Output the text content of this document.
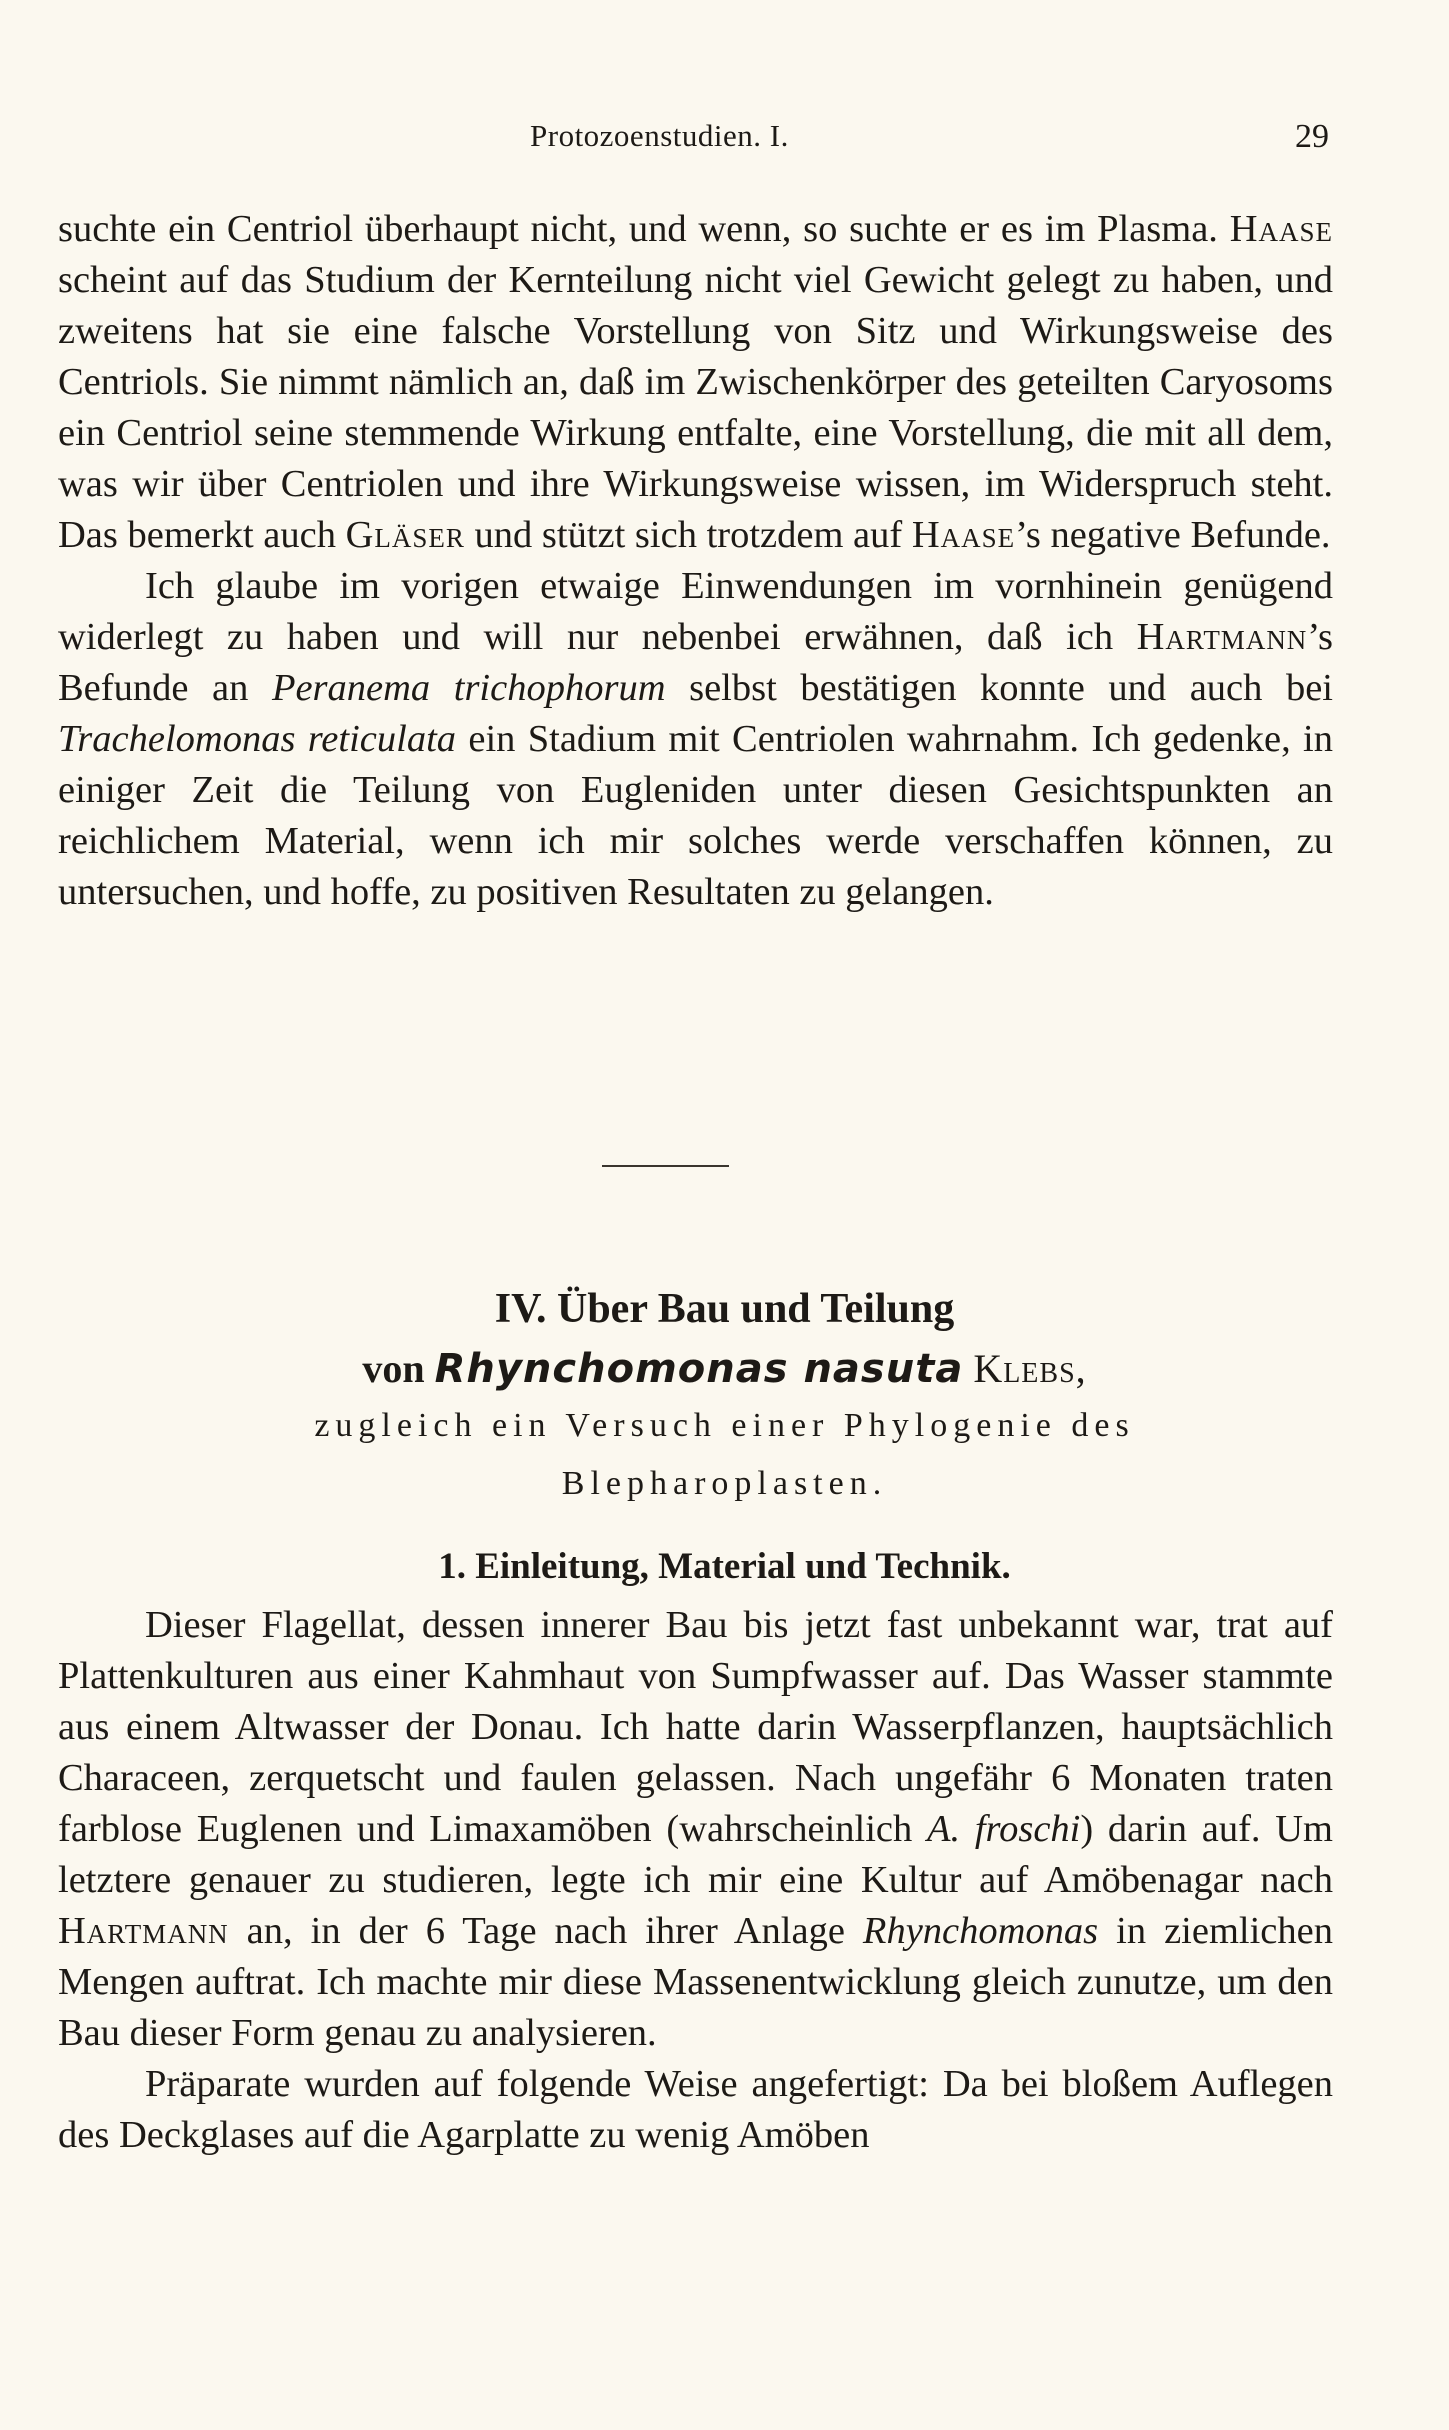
Protozoenstudien. I.	29

suchte ein Centriol überhaupt nicht, und wenn, so suchte er es im Plasma. Haase scheint auf das Studium der Kernteilung nicht viel Gewicht gelegt zu haben, und zweitens hat sie eine falsche Vorstellung von Sitz und Wirkungsweise des Centriols. Sie nimmt nämlich an, daß im Zwischenkörper des geteilten Caryosoms ein Centriol seine stemmende Wirkung entfalte, eine Vorstellung, die mit all dem, was wir über Centriolen und ihre Wirkungsweise wissen, im Widerspruch steht. Das bemerkt auch Gläser und stützt sich trotzdem auf Haase’s negative Befunde.

Ich glaube im vorigen etwaige Einwendungen im vornhinein genügend widerlegt zu haben und will nur nebenbei erwähnen, daß ich Hartmann’s Befunde an Peranema trichophorum selbst bestätigen konnte und auch bei Trachelomonas reticulata ein Stadium mit Centriolen wahrnahm. Ich gedenke, in einiger Zeit die Teilung von Eugleniden unter diesen Gesichtspunkten an reichlichem Material, wenn ich mir solches werde verschaffen können, zu untersuchen, und hoffe, zu positiven Resultaten zu gelangen.

IV. Über Bau und Teilung
von Rhynchomonas nasuta Klebs,
zugleich ein Versuch einer Phylogenie des
Blepharoplasten.
1. Einleitung, Material und Technik.

Dieser Flagellat, dessen innerer Bau bis jetzt fast unbekannt war, trat auf Plattenkulturen aus einer Kahmhaut von Sumpfwasser auf. Das Wasser stammte aus einem Altwasser der Donau. Ich hatte darin Wasserpflanzen, hauptsächlich Characeen, zerquetscht und faulen gelassen. Nach ungefähr 6 Monaten traten farblose Euglenen und Limaxamöben (wahrscheinlich A. froschi) darin auf. Um letztere genauer zu studieren, legte ich mir eine Kultur auf Amöbenagar nach Hartmann an, in der 6 Tage nach ihrer Anlage Rhynchomonas in ziemlichen Mengen auftrat. Ich machte mir diese Massenentwicklung gleich zunutze, um den Bau dieser Form genau zu analysieren.

Präparate wurden auf folgende Weise angefertigt: Da bei bloßem Auflegen des Deckglases auf die Agarplatte zu wenig Amöben
